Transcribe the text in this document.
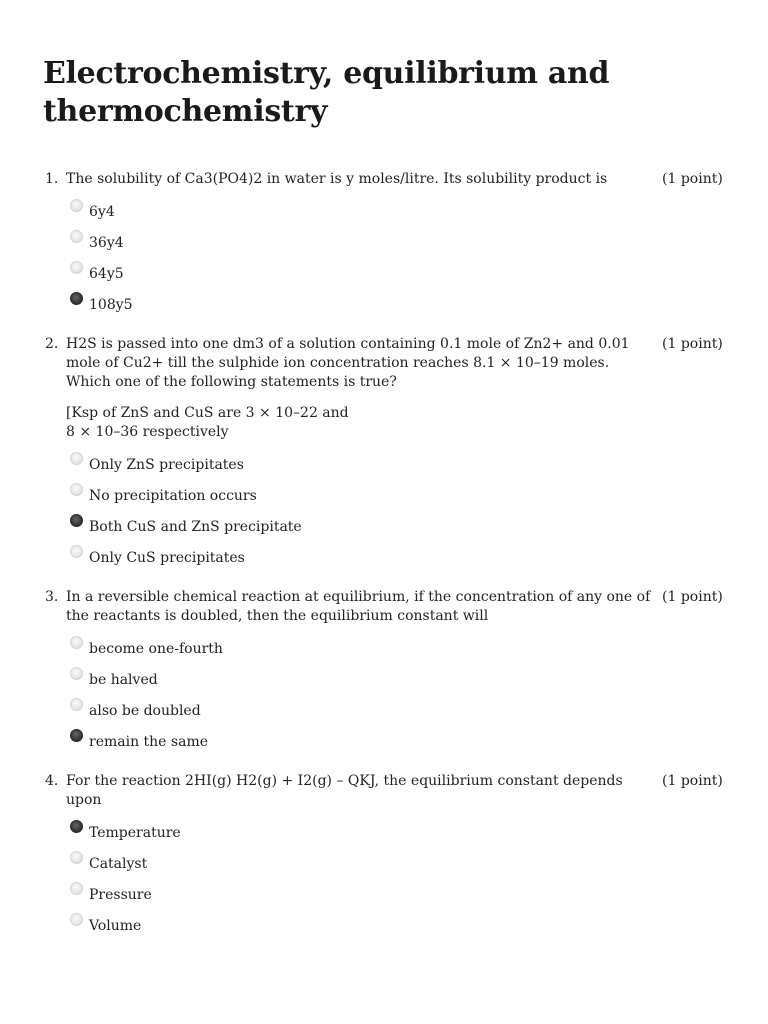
Electrochemistry, equilibrium and thermochemistry
1. The solubility of Ca3(PO4)2 in water is y moles/litre. Its solubility product is	(1 point)
6y4
36y4
64y5
108y5
2. H2S is passed into one dm3 of a solution containing 0.1 mole of Zn2+ and 0.01 mole of Cu2+ till the sulphide ion concentration reaches 8.1 × 10–19 moles. Which one of the following statements is true?
(1 point)
[Ksp of ZnS and CuS are 3 × 10–22 and
8 × 10–36 respectively
Only ZnS precipitates
No precipitation occurs
Both CuS and ZnS precipitate
Only CuS precipitates
3. In a reversible chemical reaction at equilibrium, if the concentration of any one of the reactants is doubled, then the equilibrium constant will
(1 point)
become one-fourth
be halved
also be doubled
remain the same
4. For the reaction 2HI(g) H2(g) + I2(g) – QKJ, the equilibrium constant depends upon
(1 point)
Temperature
Catalyst
Pressure
Volume
